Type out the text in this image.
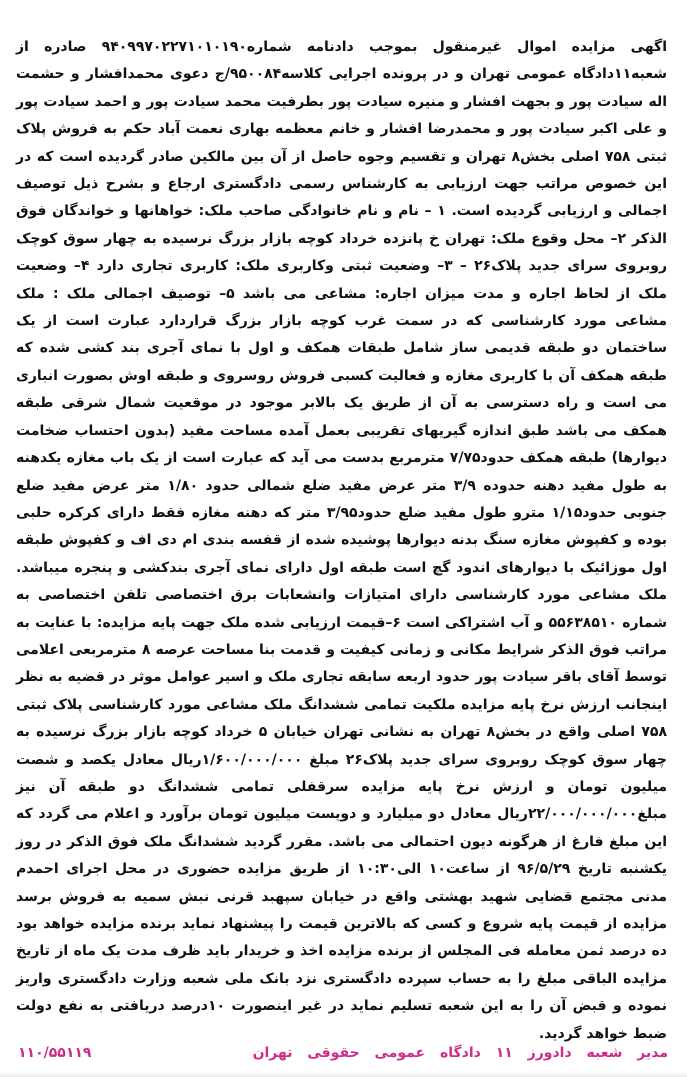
اگهی مزایده اموال غیرمنقول بموجب دادنامه شماره۹۴۰۹۹۷۰۲۲۷۱۰۱۰۱۹۰ صادره از شعبه۱۱دادگاه عمومی تهران و در پرونده اجرایی کلاسه۹۵۰۰۸۴/ج دعوی محمدافشار و حشمت اله سیادت پور و بجهت افشار و منیره سیادت پور بطرفیت محمد سیادت پور و احمد سیادت پور و علی اکبر سیادت پور و محمدرضا افشار و خانم معظمه بهاری نعمت آباد حکم به فروش پلاک ثبتی ۷۵۸ اصلی بخش۸ تهران و تقسیم وجوه حاصل از آن بین مالکین صادر گردیده است که در این خصوص مراتب جهت ارزیابی به کارشناس رسمی دادگستری ارجاع و بشرح ذیل توصیف اجمالی و ارزیابی گردیده است. ۱ – نام و نام خانوادگی صاحب ملک: خواهانها و خواندگان فوق الذکر ۲– محل وقوع ملک: تهران خ پانزده خرداد کوچه بازار بزرگ نرسیده به چهار سوق کوچک روبروی سرای جدید پلاک۲۶ – ۳– وضعیت ثبتی وکاربری ملک: کاربری تجاری دارد ۴– وضعیت ملک از لحاظ اجاره و مدت میزان اجاره: مشاعی می باشد ۵– توصیف اجمالی ملک : ملک مشاعی مورد کارشناسی که در سمت غرب کوچه بازار بزرگ قراردارد عبارت است از یک ساختمان دو طبقه قدیمی ساز شامل طبقات همکف و اول با نمای آجری بند کشی شده که طبقه همکف آن با کاربری مغازه و فعالیت کسبی فروش روسروی و طبقه اوش بصورت انباری می است و راه دسترسی به آن از طریق یک بالابر موجود در موقعیت شمال شرقی طبقه همکف می باشد طبق اندازه گیریهای تقریبی بعمل آمده مساحت مفید (بدون احتساب ضخامت دیوارها) طبقه همکف حدود۷/۷۵ مترمربع بدست می آید که عبارت است از یک باب مغازه یکدهنه به طول مفید دهنه حدوده ۳/۹ متر عرض مفید ضلع شمالی حدود ۱/۸۰ متر عرض مفید ضلع جنوبی حدود۱/۱۵ مترو طول مفید ضلع حدود۳/۹۵ متر که دهنه مغازه فقط دارای کرکره حلبی بوده و کفپوش مغازه سنگ بدنه دیوارها پوشیده شده از قفسه بندی ام دی اف و کفپوش طبقه اول موزائیک با دیوارهای اندود گچ است طبقه اول دارای نمای آجری بندکشی و پنجره میباشد. ملک مشاعی مورد کارشناسی دارای امتیازات وانشعابات برق اختصاصی تلفن اختصاصی به شماره ۵۵۶۳۸۵۱۰ و آب اشتراکی است ۶–قیمت ارزیابی شده ملک جهت پایه مزایده: با عنایت به مراتب فوق الذکر شرایط مکانی و زمانی کیفیت و قدمت بنا مساحت عرصه ۸ مترمربعی اعلامی توسط آقای باقر سیادت پور حدود اربعه سابقه تجاری ملک و اسیر عوامل موثر در قضیه به نظر اینجانب ارزش نرخ پایه مزایده ملکیت تمامی ششدانگ ملک مشاعی مورد کارشناسی پلاک ثبتی ۷۵۸ اصلی واقع در بخش۸ تهران به نشانی تهران خیابان ۵ خرداد کوچه بازار بزرگ نرسیده به چهار سوق کوچک روبروی سرای جدید پلاک۲۶ مبلغ ۱/۶۰۰/۰۰۰/۰۰۰ریال معادل یکصد و شصت میلیون تومان و ارزش نرخ پایه مزایده سرقفلی تمامی ششدانگ دو طبقه آن نیز مبلغ۲۲/۰۰۰/۰۰۰/۰۰۰ریال معادل دو میلیارد و دویست میلیون تومان برآورد و اعلام می گردد که این مبلغ فارغ از هرگونه دیون احتمالی می باشد. مقرر گردید ششدانگ ملک فوق الذکر در روز یکشنبه تاریخ ۹۶/۵/۲۹ از ساعت۱۰ الی۱۰:۳۰ از طریق مزایده حضوری در محل اجرای احمدم مدنی مجتمع قضایی شهید بهشتی واقع در خیابان سپهبد قرنی نبش سمیه به فروش برسد مزایده از قیمت پایه شروع و کسی که بالاترین قیمت را پیشنهاد نماید برنده مزایده خواهد بود ده درصد ثمن معامله فی المجلس از برنده مزایده اخذ و خریدار باید ظرف مدت یک ماه از تاریخ مزایده الباقی مبلغ را به حساب سپرده دادگستری نزد بانک ملی شعبه وزارت دادگستری واریز نموده و قبض آن را به این شعبه تسلیم نماید در غیر اینصورت ۱۰درصد دریافتی به نفع دولت ضبط خواهد گردید.

مدیر شعبه دادورز ۱۱ دادگاه عمومی حقوقی تهران
۱۱۰/۵۵۱۱۹
